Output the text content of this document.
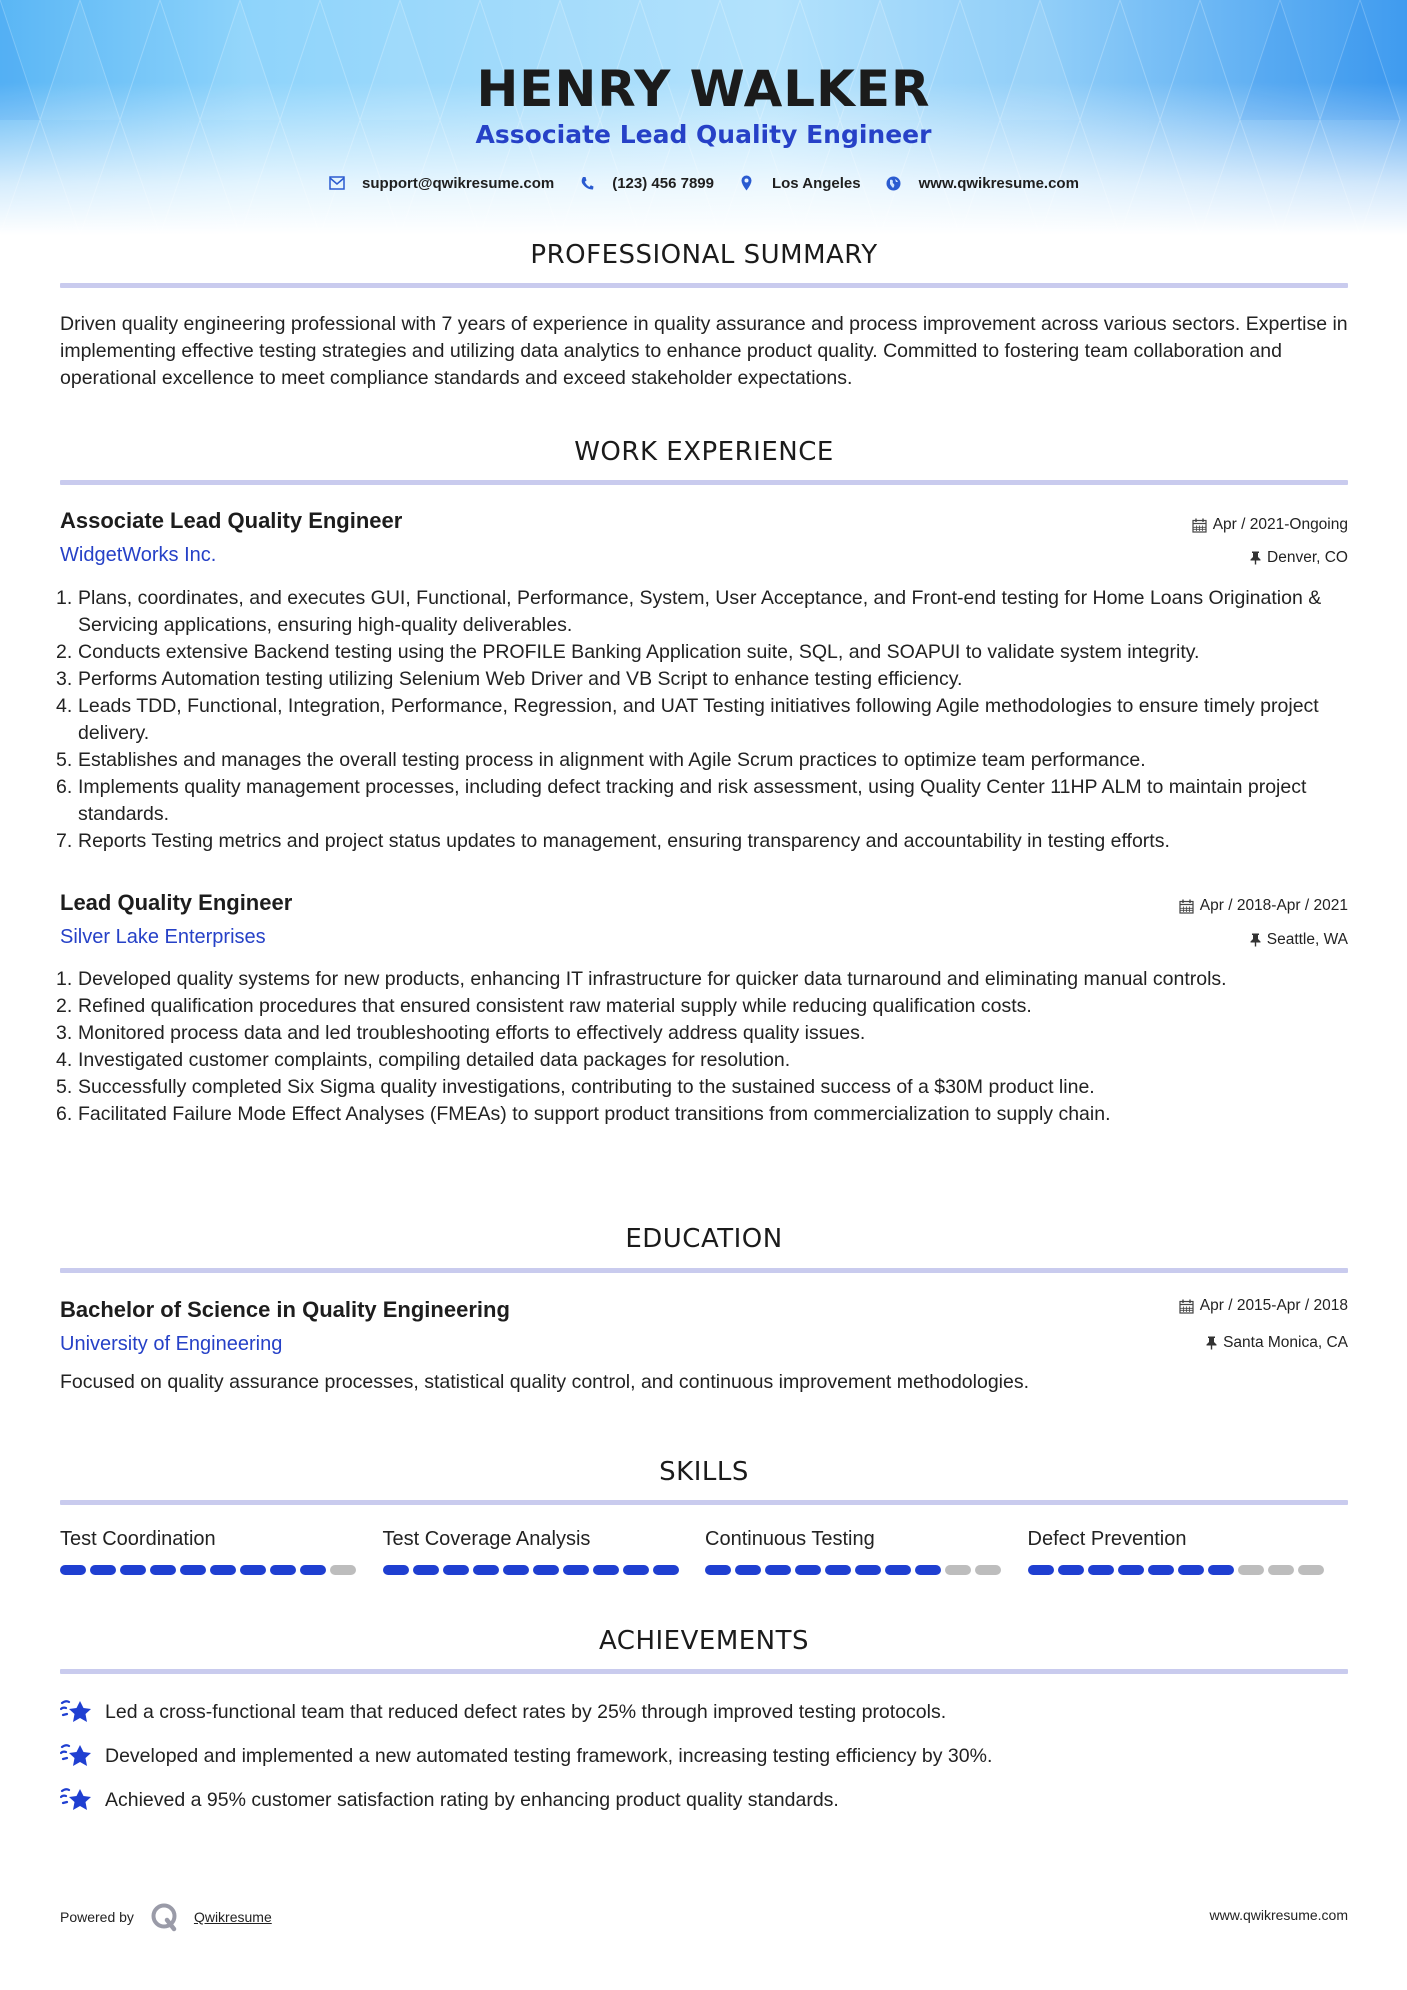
HENRY WALKER
Associate Lead Quality Engineer
support@qwikresume.com	(123) 456 7899	Los Angeles	www.qwikresume.com
PROFESSIONAL SUMMARY
Driven quality engineering professional with 7 years of experience in quality assurance and process improvement across various sectors. Expertise in implementing effective testing strategies and utilizing data analytics to enhance product quality. Committed to fostering team collaboration and operational excellence to meet compliance standards and exceed stakeholder expectations.
WORK EXPERIENCE
Associate Lead Quality Engineer	Apr / 2021-Ongoing
WidgetWorks Inc.	Denver, CO
Plans, coordinates, and executes GUI, Functional, Performance, System, User Acceptance, and Front-end testing for Home Loans Origination & Servicing applications, ensuring high-quality deliverables.
Conducts extensive Backend testing using the PROFILE Banking Application suite, SQL, and SOAPUI to validate system integrity.
Performs Automation testing utilizing Selenium Web Driver and VB Script to enhance testing efficiency.
Leads TDD, Functional, Integration, Performance, Regression, and UAT Testing initiatives following Agile methodologies to ensure timely project delivery.
Establishes and manages the overall testing process in alignment with Agile Scrum practices to optimize team performance.
Implements quality management processes, including defect tracking and risk assessment, using Quality Center 11HP ALM to maintain project standards.
Reports Testing metrics and project status updates to management, ensuring transparency and accountability in testing efforts.
Lead Quality Engineer	Apr / 2018-Apr / 2021
Silver Lake Enterprises	Seattle, WA
Developed quality systems for new products, enhancing IT infrastructure for quicker data turnaround and eliminating manual controls.
Refined qualification procedures that ensured consistent raw material supply while reducing qualification costs.
Monitored process data and led troubleshooting efforts to effectively address quality issues.
Investigated customer complaints, compiling detailed data packages for resolution.
Successfully completed Six Sigma quality investigations, contributing to the sustained success of a $30M product line.
Facilitated Failure Mode Effect Analyses (FMEAs) to support product transitions from commercialization to supply chain.
EDUCATION
Bachelor of Science in Quality Engineering	Apr / 2015-Apr / 2018
University of Engineering	Santa Monica, CA
Focused on quality assurance processes, statistical quality control, and continuous improvement methodologies.
SKILLS
Test Coordination	Test Coverage Analysis	Continuous Testing	Defect Prevention
ACHIEVEMENTS
Led a cross-functional team that reduced defect rates by 25% through improved testing protocols.
Developed and implemented a new automated testing framework, increasing testing efficiency by 30%.
Achieved a 95% customer satisfaction rating by enhancing product quality standards.
Powered by	Qwikresume	www.qwikresume.com
